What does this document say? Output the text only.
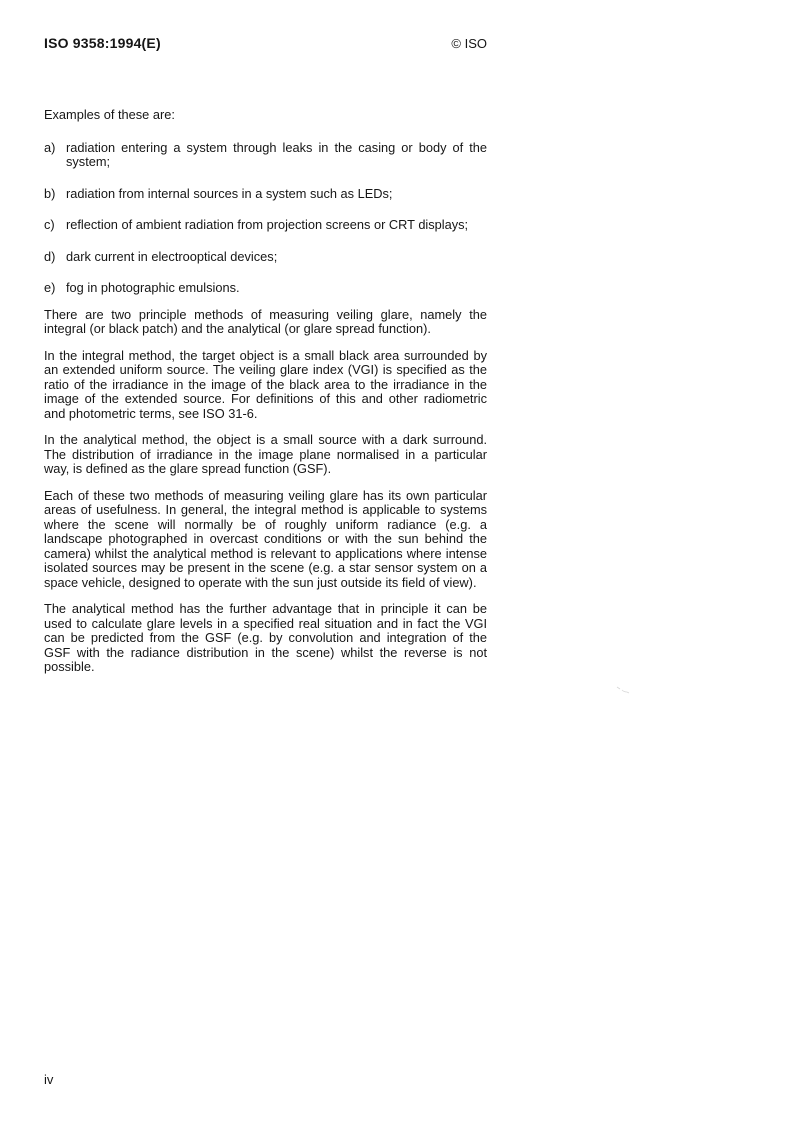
ISO 9358:1994(E)	© ISO

Examples of these are:

a) radiation entering a system through leaks in the casing or body of the system;
b) radiation from internal sources in a system such as LEDs;
c) reflection of ambient radiation from projection screens or CRT displays;
d) dark current in electrooptical devices;
e) fog in photographic emulsions.

There are two principle methods of measuring veiling glare, namely the integral (or black patch) and the analytical (or glare spread function).

In the integral method, the target object is a small black area surrounded by an extended uniform source. The veiling glare index (VGI) is specified as the ratio of the irradiance in the image of the black area to the irradiance in the image of the extended source. For definitions of this and other radiometric and photometric terms, see ISO 31-6.

In the analytical method, the object is a small source with a dark surround. The distribution of irradiance in the image plane normalised in a particular way, is defined as the glare spread function (GSF).

Each of these two methods of measuring veiling glare has its own particular areas of usefulness. In general, the integral method is applicable to systems where the scene will normally be of roughly uniform radiance (e.g. a landscape photographed in overcast conditions or with the sun behind the camera) whilst the analytical method is relevant to applications where intense isolated sources may be present in the scene (e.g. a star sensor system on a space vehicle, designed to operate with the sun just outside its field of view).

The analytical method has the further advantage that in principle it can be used to calculate glare levels in a specified real situation and in fact the VGI can be predicted from the GSF (e.g. by convolution and integration of the GSF with the radiance distribution in the scene) whilst the reverse is not possible.

iv
